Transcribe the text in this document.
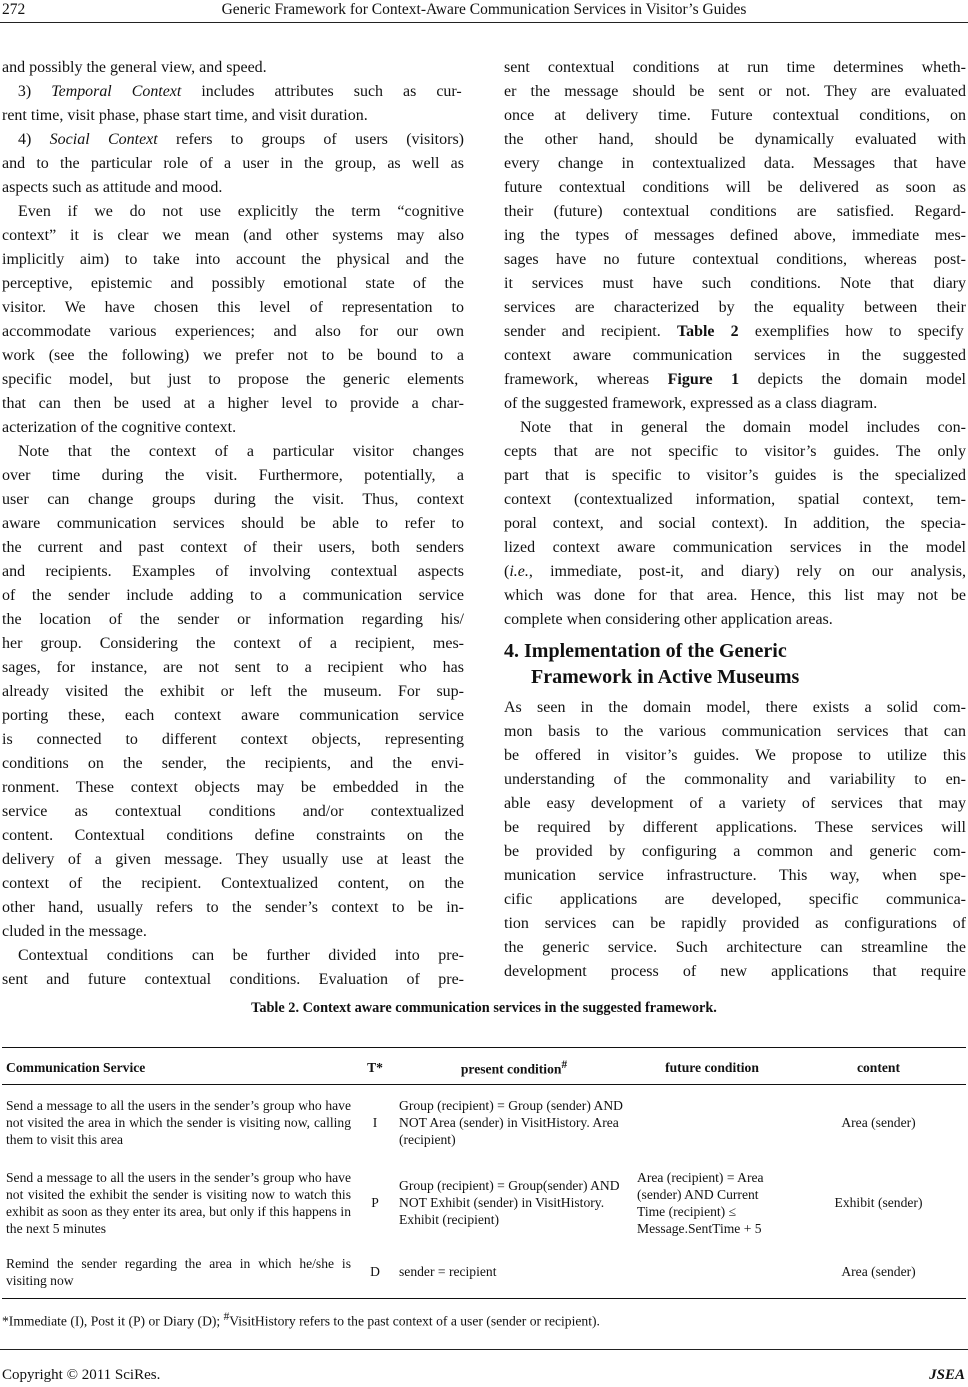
272	Generic Framework for Context-Aware Communication Services in Visitor’s Guides
and possibly the general view, and speed.
3) Temporal Context includes attributes such as cur-
rent time, visit phase, phase start time, and visit duration.
4) Social Context refers to groups of users (visitors)
and to the particular role of a user in the group, as well as
aspects such as attitude and mood.
Even if we do not use explicitly the term “cognitive
context” it is clear we mean (and other systems may also
implicitly aim) to take into account the physical and the
perceptive, epistemic and possibly emotional state of the
visitor. We have chosen this level of representation to
accommodate various experiences; and also for our own
work (see the following) we prefer not to be bound to a
specific model, but just to propose the generic elements
that can then be used at a higher level to provide a char-
acterization of the cognitive context.
Note that the context of a particular visitor changes
over time during the visit. Furthermore, potentially, a
user can change groups during the visit. Thus, context
aware communication services should be able to refer to
the current and past context of their users, both senders
and recipients. Examples of involving contextual aspects
of the sender include adding to a communication service
the location of the sender or information regarding his/
her group. Considering the context of a recipient, mes-
sages, for instance, are not sent to a recipient who has
already visited the exhibit or left the museum. For sup-
porting these, each context aware communication service
is connected to different context objects, representing
conditions on the sender, the recipients, and the envi-
ronment. These context objects may be embedded in the
service as contextual conditions and/or contextualized
content. Contextual conditions define constraints on the
delivery of a given message. They usually use at least the
context of the recipient. Contextualized content, on the
other hand, usually refers to the sender’s context to be in-
cluded in the message.
Contextual conditions can be further divided into pre-
sent and future contextual conditions. Evaluation of pre-
sent contextual conditions at run time determines wheth-
er the message should be sent or not. They are evaluated
once at delivery time. Future contextual conditions, on
the other hand, should be dynamically evaluated with
every change in contextualized data. Messages that have
future contextual conditions will be delivered as soon as
their (future) contextual conditions are satisfied. Regard-
ing the types of messages defined above, immediate mes-
sages have no future contextual conditions, whereas post-
it services must have such conditions. Note that diary
services are characterized by the equality between their
sender and recipient. Table 2 exemplifies how to specify
context aware communication services in the suggested
framework, whereas Figure 1 depicts the domain model
of the suggested framework, expressed as a class diagram.
Note that in general the domain model includes con-
cepts that are not specific to visitor’s guides. The only
part that is specific to visitor’s guides is the specialized
context (contextualized information, spatial context, tem-
poral context, and social context). In addition, the specia-
lized context aware communication services in the model
(i.e., immediate, post-it, and diary) rely on our analysis,
which was done for that area. Hence, this list may not be
complete when considering other application areas.
4. Implementation of the Generic
Framework in Active Museums
As seen in the domain model, there exists a solid com-
mon basis to the various communication services that can
be offered in visitor’s guides. We propose to utilize this
understanding of the commonality and variability to en-
able easy development of a variety of services that may
be required by different applications. These services will
be provided by configuring a common and generic com-
munication service infrastructure. This way, when spe-
cific applications are developed, specific communica-
tion services can be rapidly provided as configurations of
the generic service. Such architecture can streamline the
development process of new applications that require
Table 2. Context aware communication services in the suggested framework.
Communication Service	T*	present condition#	future condition	content
Send a message to all the users in the sender’s group who have not visited the area in which the sender is visiting now, calling them to visit this area	I	Group (recipient) = Group (sender) AND NOT Area (sender) in VisitHistory. Area (recipient)		Area (sender)
Send a message to all the users in the sender’s group who have not visited the exhibit the sender is visiting now to watch this exhibit as soon as they enter its area, but only if this happens in the next 5 minutes	P	Group (recipient) = Group(sender) AND NOT Exhibit (sender) in VisitHistory. Exhibit (recipient)	Area (recipient) = Area (sender) AND Current Time (recipient) ≤ Message.SentTime + 5	Exhibit (sender)
Remind the sender regarding the area in which he/she is visiting now	D	sender = recipient		Area (sender)
*Immediate (I), Post it (P) or Diary (D); #VisitHistory refers to the past context of a user (sender or recipient).
Copyright © 2011 SciRes.	JSEA
